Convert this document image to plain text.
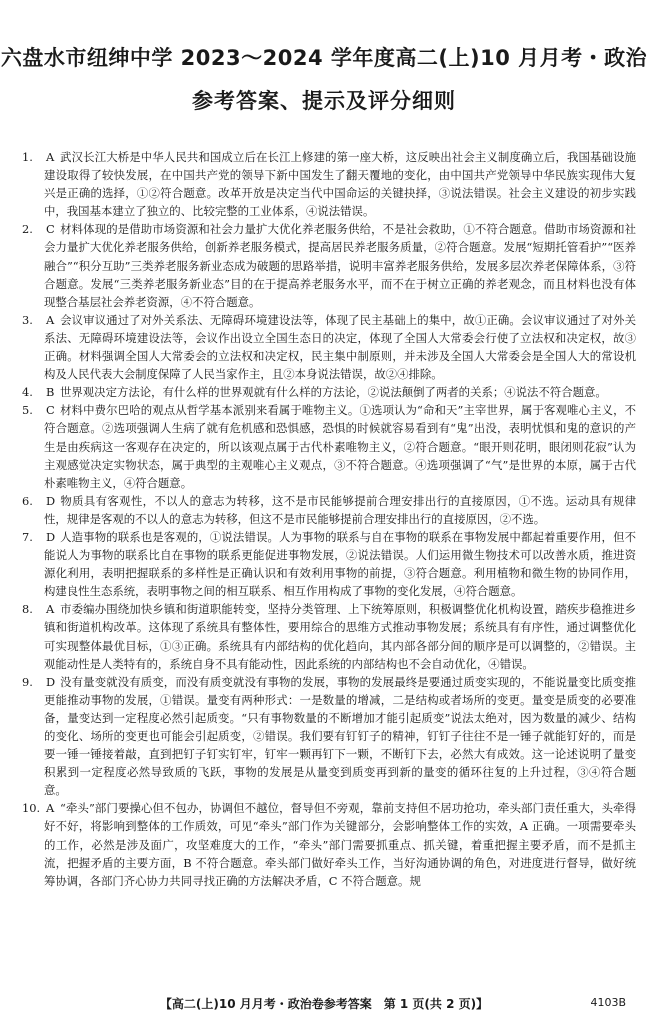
六盘水市纽绅中学 2023～2024 学年度高二(上)10 月月考・政治
参考答案、提示及评分细则

1. A 武汉长江大桥是中华人民共和国成立后在长江上修建的第一座大桥，这反映出社会主义制度确立后，我国基础设施建设取得了较快发展，在中国共产党的领导下新中国发生了翻天覆地的变化，由中国共产党领导中华民族实现伟大复兴是正确的选择，①②符合题意。改革开放是决定当代中国命运的关键抉择，③说法错误。社会主义建设的初步实践中，我国基本建立了独立的、比较完整的工业体系，④说法错误。

2. C 材料体现的是借助市场资源和社会力量扩大优化养老服务供给，不是社会救助，①不符合题意。借助市场资源和社会力量扩大优化养老服务供给，创新养老服务模式，提高居民养老服务质量，②符合题意。发展“短期托管看护”“医养融合”“积分互助”三类养老服务新业态成为破题的思路举措，说明丰富养老服务供给，发展多层次养老保障体系，③符合题意。发展“三类养老服务新业态”目的在于提高养老服务水平，而不在于树立正确的养老观念，而且材料也没有体现整合基层社会养老资源，④不符合题意。

3. A 会议审议通过了对外关系法、无障碍环境建设法等，体现了民主基础上的集中，故①正确。会议审议通过了对外关系法、无障碍环境建设法等，会议作出设立全国生态日的决定，体现了全国人大常委会行使了立法权和决定权，故③正确。材料强调全国人大常委会的立法权和决定权，民主集中制原则，并未涉及全国人大常委会是全国人大的常设机构及人民代表大会制度保障了人民当家作主，且②本身说法错误，故②④排除。

4. B 世界观决定方法论，有什么样的世界观就有什么样的方法论，②说法颠倒了两者的关系；④说法不符合题意。

5. C 材料中费尔巴哈的观点从哲学基本派别来看属于唯物主义。①选项认为“命和天”主宰世界，属于客观唯心主义，不符合题意。②选项强调人生病了就有危机感和恐惧感，恐惧的时候就容易看到有“鬼”出没，表明忧惧和鬼的意识的产生是由疾病这一客观存在决定的，所以该观点属于古代朴素唯物主义，②符合题意。“眼开则花明，眼闭则花寂”认为主观感觉决定实物状态，属于典型的主观唯心主义观点，③不符合题意。④选项强调了“气”是世界的本原，属于古代朴素唯物主义，④符合题意。

6. D 物质具有客观性，不以人的意志为转移，这不是市民能够提前合理安排出行的直接原因，①不选。运动具有规律性，规律是客观的不以人的意志为转移，但这不是市民能够提前合理安排出行的直接原因，②不选。

7. D 人造事物的联系也是客观的，①说法错误。人为事物的联系与自在事物的联系在事物发展中都起着重要作用，但不能说人为事物的联系比自在事物的联系更能促进事物发展，②说法错误。人们运用微生物技术可以改善水质，推进资源化利用，表明把握联系的多样性是正确认识和有效利用事物的前提，③符合题意。利用植物和微生物的协同作用，构建良性生态系统，表明事物之间的相互联系、相互作用构成了事物的变化发展，④符合题意。

8. A 市委编办围绕加快乡镇和街道职能转变，坚持分类管理、上下统筹原则，积极调整优化机构设置，踏疾步稳推进乡镇和街道机构改革。这体现了系统具有整体性，要用综合的思维方式推动事物发展；系统具有有序性，通过调整优化可实现整体最优目标，①③正确。系统具有内部结构的优化趋向，其内部各部分间的顺序是可以调整的，②错误。主观能动性是人类特有的，系统自身不具有能动性，因此系统的内部结构也不会自动优化，④错误。

9. D 没有量变就没有质变，而没有质变就没有事物的发展，事物的发展最终是要通过质变实现的，不能说量变比质变推更能推动事物的发展，①错误。量变有两种形式：一是数量的增减，二是结构或者场所的变更。量变是质变的必要准备，量变达到一定程度必然引起质变。“只有事物数量的不断增加才能引起质变”说法太绝对，因为数量的减少、结构的变化、场所的变更也可能会引起质变，②错误。我们要有钉钉子的精神，钉钉子往往不是一锤子就能钉好的，而是要一锤一锤接着敲，直到把钉子钉实钉牢，钉牢一颗再钉下一颗，不断钉下去，必然大有成效。这一论述说明了量变积累到一定程度必然导致质的飞跃，事物的发展是从量变到质变再到新的量变的循环往复的上升过程，③④符合题意。

10. A “牵头”部门要操心但不包办，协调但不越位，督导但不旁观，靠前支持但不居功抢功，牵头部门责任重大，头牵得好不好，将影响到整体的工作质效，可见“牵头”部门作为关键部分，会影响整体工作的实效，A 正确。一项需要牵头的工作，必然是涉及面广，攻坚难度大的工作，“牵头”部门需要抓重点、抓关键，着重把握主要矛盾，而不是抓主流，把握矛盾的主要方面，B 不符合题意。牵头部门做好牵头工作，当好沟通协调的角色，对进度进行督导，做好统筹协调，各部门齐心协力共同寻找正确的方法解决矛盾，C 不符合题意。规

【高二(上)10 月月考・政治卷参考答案　第 1 页(共 2 页)】	4103B
